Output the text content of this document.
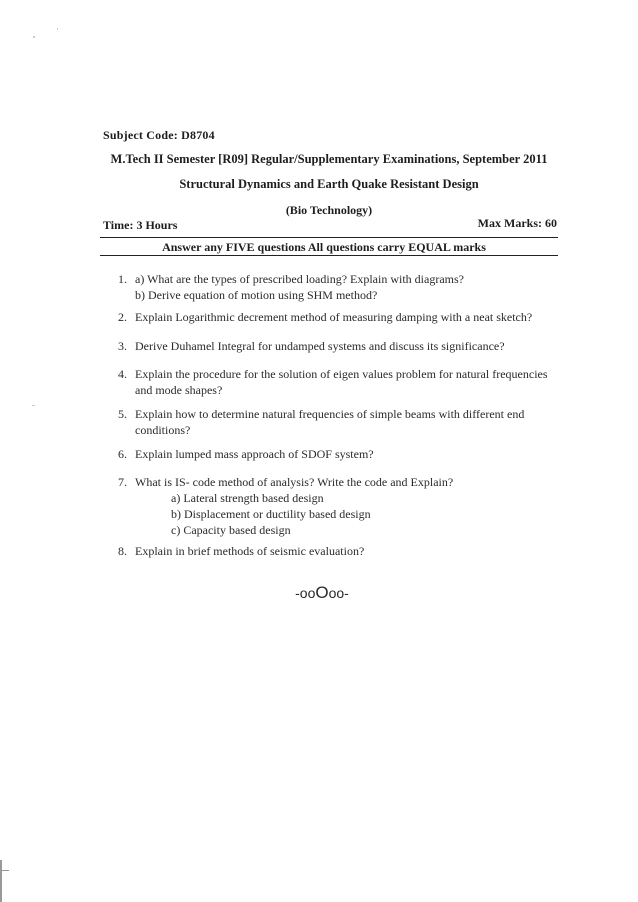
Subject Code: D8704
M.Tech II Semester [R09] Regular/Supplementary Examinations, September 2011
Structural Dynamics and Earth Quake Resistant Design
(Bio Technology)
Time: 3 Hours	Max Marks: 60
Answer any FIVE questions All questions carry EQUAL marks
1. a) What are the types of prescribed loading? Explain with diagrams?
b) Derive equation of motion using SHM method?
2. Explain Logarithmic decrement method of measuring damping with a neat sketch?
3. Derive Duhamel Integral for undamped systems and discuss its significance?
4. Explain the procedure for the solution of eigen values problem for natural frequencies
and mode shapes?
5. Explain how to determine natural frequencies of simple beams with different end
conditions?
6. Explain lumped mass approach of SDOF system?
7. What is IS- code method of analysis? Write the code and Explain?
a) Lateral strength based design
b) Displacement or ductility based design
c) Capacity based design
8. Explain in brief methods of seismic evaluation?
-ooOoo-
